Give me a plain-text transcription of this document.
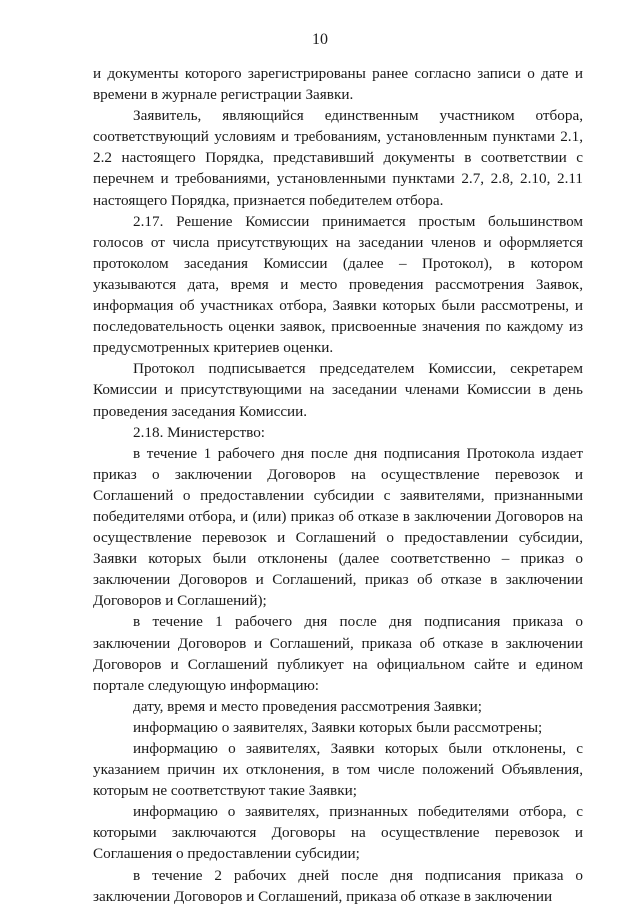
10

и документы которого зарегистрированы ранее согласно записи о дате и времени в журнале регистрации Заявки.

Заявитель, являющийся единственным участником отбора, соответствующий условиям и требованиям, установленным пунктами 2.1, 2.2 настоящего Порядка, представивший документы в соответствии с перечнем и требованиями, установленными пунктами 2.7, 2.8, 2.10, 2.11 настоящего Порядка, признается победителем отбора.

2.17. Решение Комиссии принимается простым большинством голосов от числа присутствующих на заседании членов и оформляется протоколом заседания Комиссии (далее – Протокол), в котором указываются дата, время и место проведения рассмотрения Заявок, информация об участниках отбора, Заявки которых были рассмотрены, и последовательность оценки заявок, присвоенные значения по каждому из предусмотренных критериев оценки.

Протокол подписывается председателем Комиссии, секретарем Комиссии и присутствующими на заседании членами Комиссии в день проведения заседания Комиссии.

2.18. Министерство:

в течение 1 рабочего дня после дня подписания Протокола издает приказ о заключении Договоров на осуществление перевозок и Соглашений о предоставлении субсидии с заявителями, признанными победителями отбора, и (или) приказ об отказе в заключении Договоров на осуществление перевозок и Соглашений о предоставлении субсидии, Заявки которых были отклонены (далее соответственно – приказ о заключении Договоров и Соглашений, приказ об отказе в заключении Договоров и Соглашений);

в течение 1 рабочего дня после дня подписания приказа о заключении Договоров и Соглашений, приказа об отказе в заключении Договоров и Соглашений публикует на официальном сайте и едином портале следующую информацию:

дату, время и место проведения рассмотрения Заявки;

информацию о заявителях, Заявки которых были рассмотрены;

информацию о заявителях, Заявки которых были отклонены, с указанием причин их отклонения, в том числе положений Объявления, которым не соответствуют такие Заявки;

информацию о заявителях, признанных победителями отбора, с которыми заключаются Договоры на осуществление перевозок и Соглашения о предоставлении субсидии;

в течение 2 рабочих дней после дня подписания приказа о заключении Договоров и Соглашений, приказа об отказе в заключении
